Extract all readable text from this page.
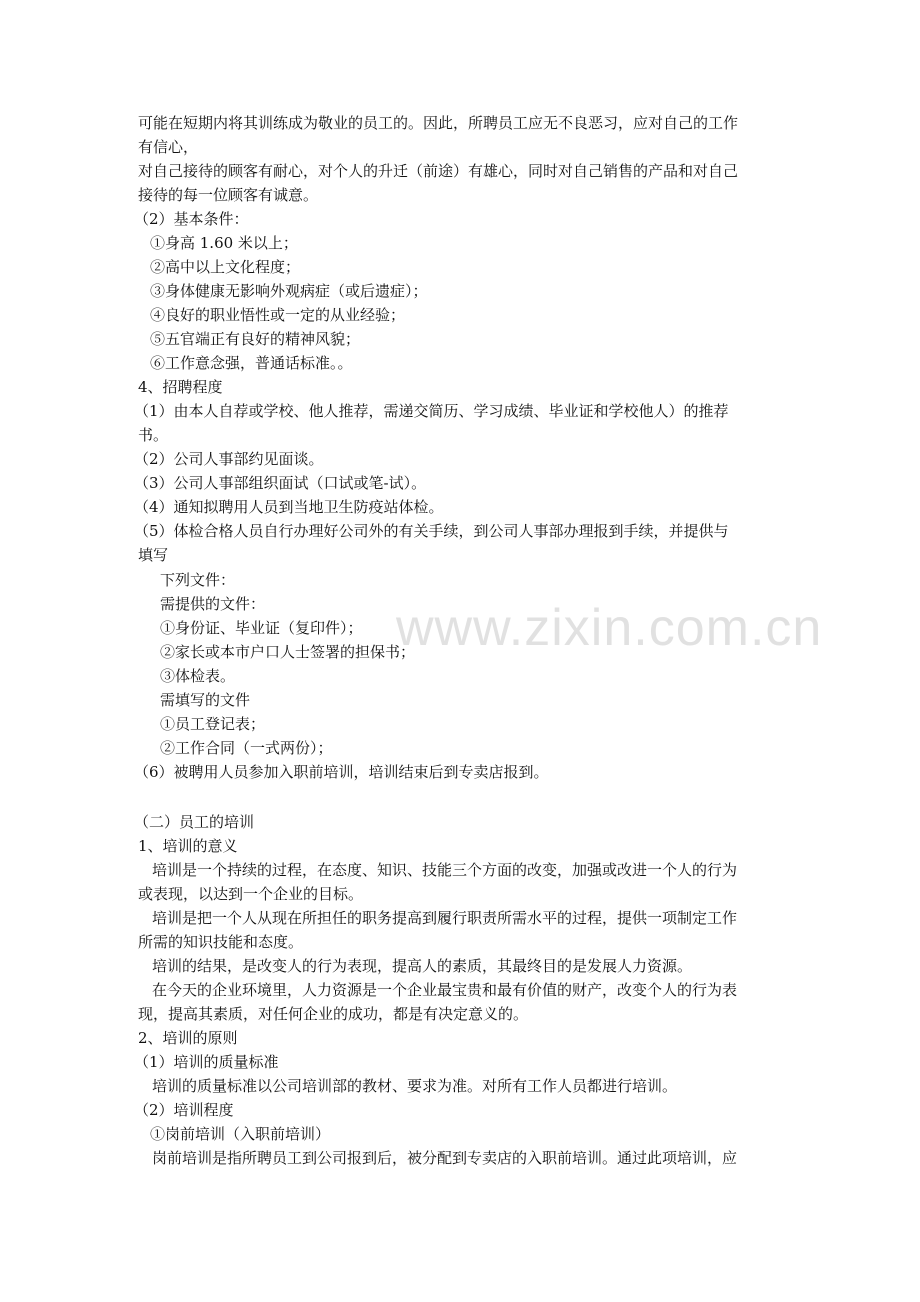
www.zixin.com.cn
可能在短期内将其训练成为敬业的员工的。因此，所聘员工应无不良恶习，应对自己的工作
有信心，
对自己接待的顾客有耐心，对个人的升迁（前途）有雄心，同时对自己销售的产品和对自己
接待的每一位顾客有诚意。
（2）基本条件：
①身高 1.60 米以上；
②高中以上文化程度；
③身体健康无影响外观病症（或后遗症）；
④良好的职业悟性或一定的从业经验；
⑤五官端正有良好的精神风貌；
⑥工作意念强，普通话标准。。
4、招聘程度
（1）由本人自荐或学校、他人推荐，需递交简历、学习成绩、毕业证和学校他人）的推荐
书。
（2）公司人事部约见面谈。
（3）公司人事部组织面试（口试或笔-试）。
（4）通知拟聘用人员到当地卫生防疫站体检。
（5）体检合格人员自行办理好公司外的有关手续，到公司人事部办理报到手续，并提供与
填写
下列文件：
需提供的文件：
①身份证、毕业证（复印件）；
②家长或本市户口人士签署的担保书；
③体检表。
需填写的文件
①员工登记表；
②工作合同（一式两份）；
（6）被聘用人员参加入职前培训，培训结束后到专卖店报到。
（二）员工的培训
1、培训的意义
培训是一个持续的过程，在态度、知识、技能三个方面的改变，加强或改进一个人的行为
或表现，以达到一个企业的目标。
培训是把一个人从现在所担任的职务提高到履行职责所需水平的过程，提供一项制定工作
所需的知识技能和态度。
培训的结果，是改变人的行为表现，提高人的素质，其最终目的是发展人力资源。
在今天的企业环境里，人力资源是一个企业最宝贵和最有价值的财产，改变个人的行为表
现，提高其素质，对任何企业的成功，都是有决定意义的。
2、培训的原则
（1）培训的质量标准
培训的质量标准以公司培训部的教材、要求为准。对所有工作人员都进行培训。
（2）培训程度
①岗前培训（入职前培训）
岗前培训是指所聘员工到公司报到后，被分配到专卖店的入职前培训。通过此项培训，应
